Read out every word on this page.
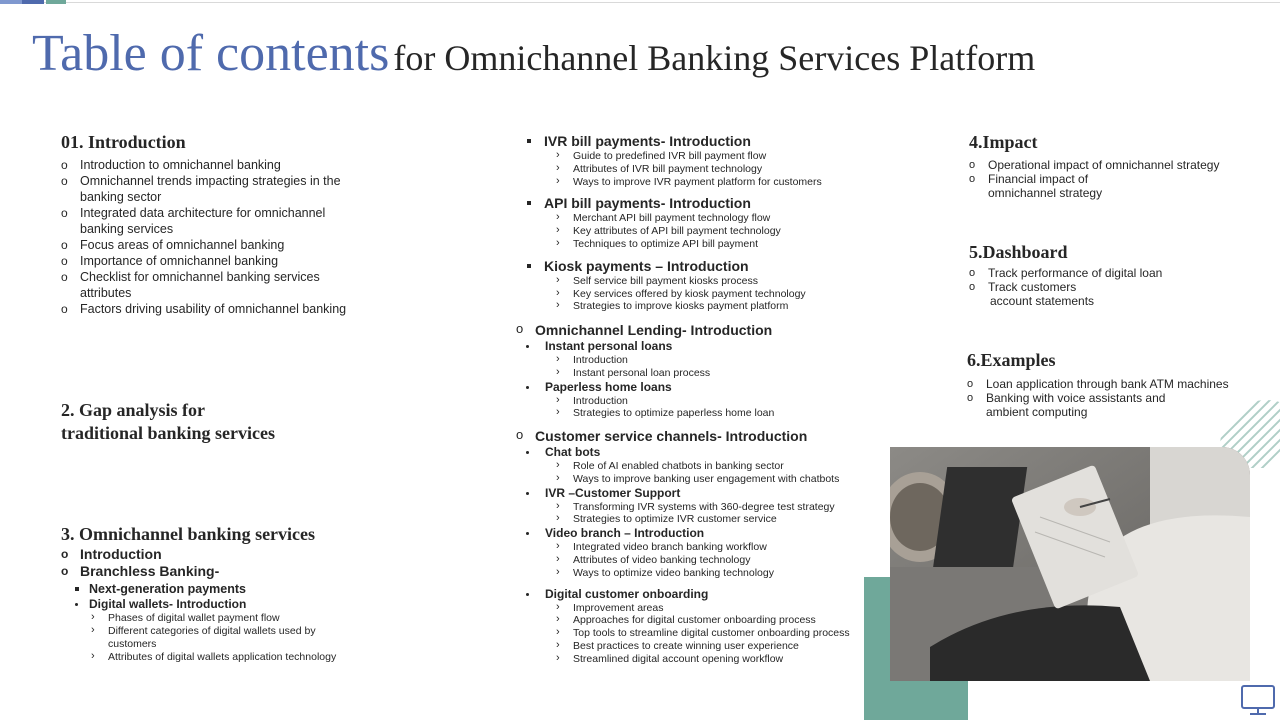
Table of contents for Omnichannel Banking Services Platform
01. Introduction
o Introduction to omnichannel banking
o Omnichannel trends impacting strategies in the banking sector
o Integrated data architecture for omnichannel banking services
o Focus areas of omnichannel banking
o Importance of omnichannel banking
o Checklist for omnichannel banking services attributes
o Factors driving usability of omnichannel banking
2. Gap analysis for
traditional banking services
3. Omnichannel banking services
o Introduction
o Branchless Banking-
Next-generation payments
Digital wallets- Introduction
› Phases of digital wallet payment flow
› Different categories of digital wallets used by customers
› Attributes of digital wallets application technology
IVR bill payments- Introduction
› Guide to predefined IVR bill payment flow
› Attributes of IVR bill payment technology
› Ways to improve IVR payment platform for customers
API bill payments- Introduction
› Merchant API bill payment technology flow
› Key attributes of API bill payment technology
› Techniques to optimize API bill payment
Kiosk payments – Introduction
› Self service bill payment kiosks process
› Key services offered by kiosk payment technology
› Strategies to improve kiosks payment platform
o Omnichannel Lending- Introduction
Instant personal loans
› Introduction
› Instant personal loan process
Paperless home loans
› Introduction
› Strategies to optimize paperless home loan
o Customer service channels- Introduction
Chat bots
› Role of AI enabled chatbots in banking sector
› Ways to improve banking user engagement with chatbots
IVR –Customer Support
› Transforming IVR systems with 360-degree test strategy
› Strategies to optimize IVR customer service
Video branch – Introduction
› Integrated video branch banking workflow
› Attributes of video banking technology
› Ways to optimize video banking technology
Digital customer onboarding
› Improvement areas
› Approaches for digital customer onboarding process
› Top tools to streamline digital customer onboarding process
› Best practices to create winning user experience
› Streamlined digital account opening workflow
4.Impact
o Operational impact of omnichannel strategy
o Financial impact of
omnichannel strategy
5.Dashboard
o Track performance of digital loan
o Track customers
account statements
6.Examples
o Loan application through bank ATM machines
o Banking with voice assistants and
ambient computing
